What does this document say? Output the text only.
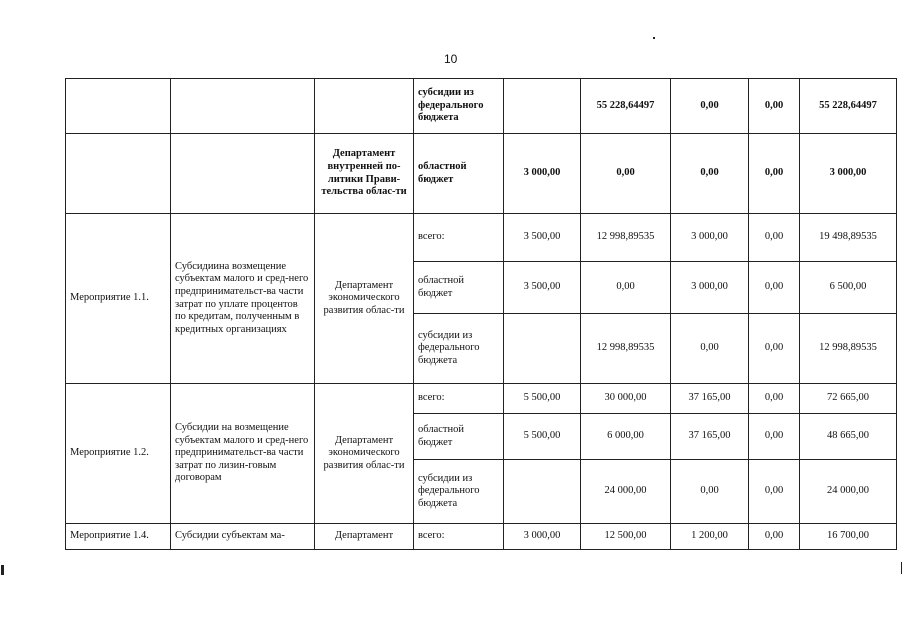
10
			субсидии из федерального бюджета		55 228,64497	0,00	0,00	55 228,64497
		Департамент внутренней по-литики Прави-тельства облас-ти	областной бюджет	3 000,00	0,00	0,00	0,00	3 000,00
Мероприятие 1.1.	Субсидиина возмещение субъектам малого и сред-него предпринимательст-ва части затрат по уплате процентов по кредитам, полученным в кредитных организациях	Департамент экономического развития облас-ти	всего:	3 500,00	12 998,89535	3 000,00	0,00	19 498,89535
			областной бюджет	3 500,00	0,00	3 000,00	0,00	6 500,00
			субсидии из федерального бюджета		12 998,89535	0,00	0,00	12 998,89535
Мероприятие 1.2.	Субсидии на возмещение субъектам малого и сред-него предпринимательст-ва части затрат по лизин-говым договорам	Департамент экономического развития облас-ти	всего:	5 500,00	30 000,00	37 165,00	0,00	72 665,00
			областной бюджет	5 500,00	6 000,00	37 165,00	0,00	48 665,00
			субсидии из федерального бюджета		24 000,00	0,00	0,00	24 000,00
Мероприятие 1.4.	Субсидии субъектам ма-	Департамент	всего:	3 000,00	12 500,00	1 200,00	0,00	16 700,00
